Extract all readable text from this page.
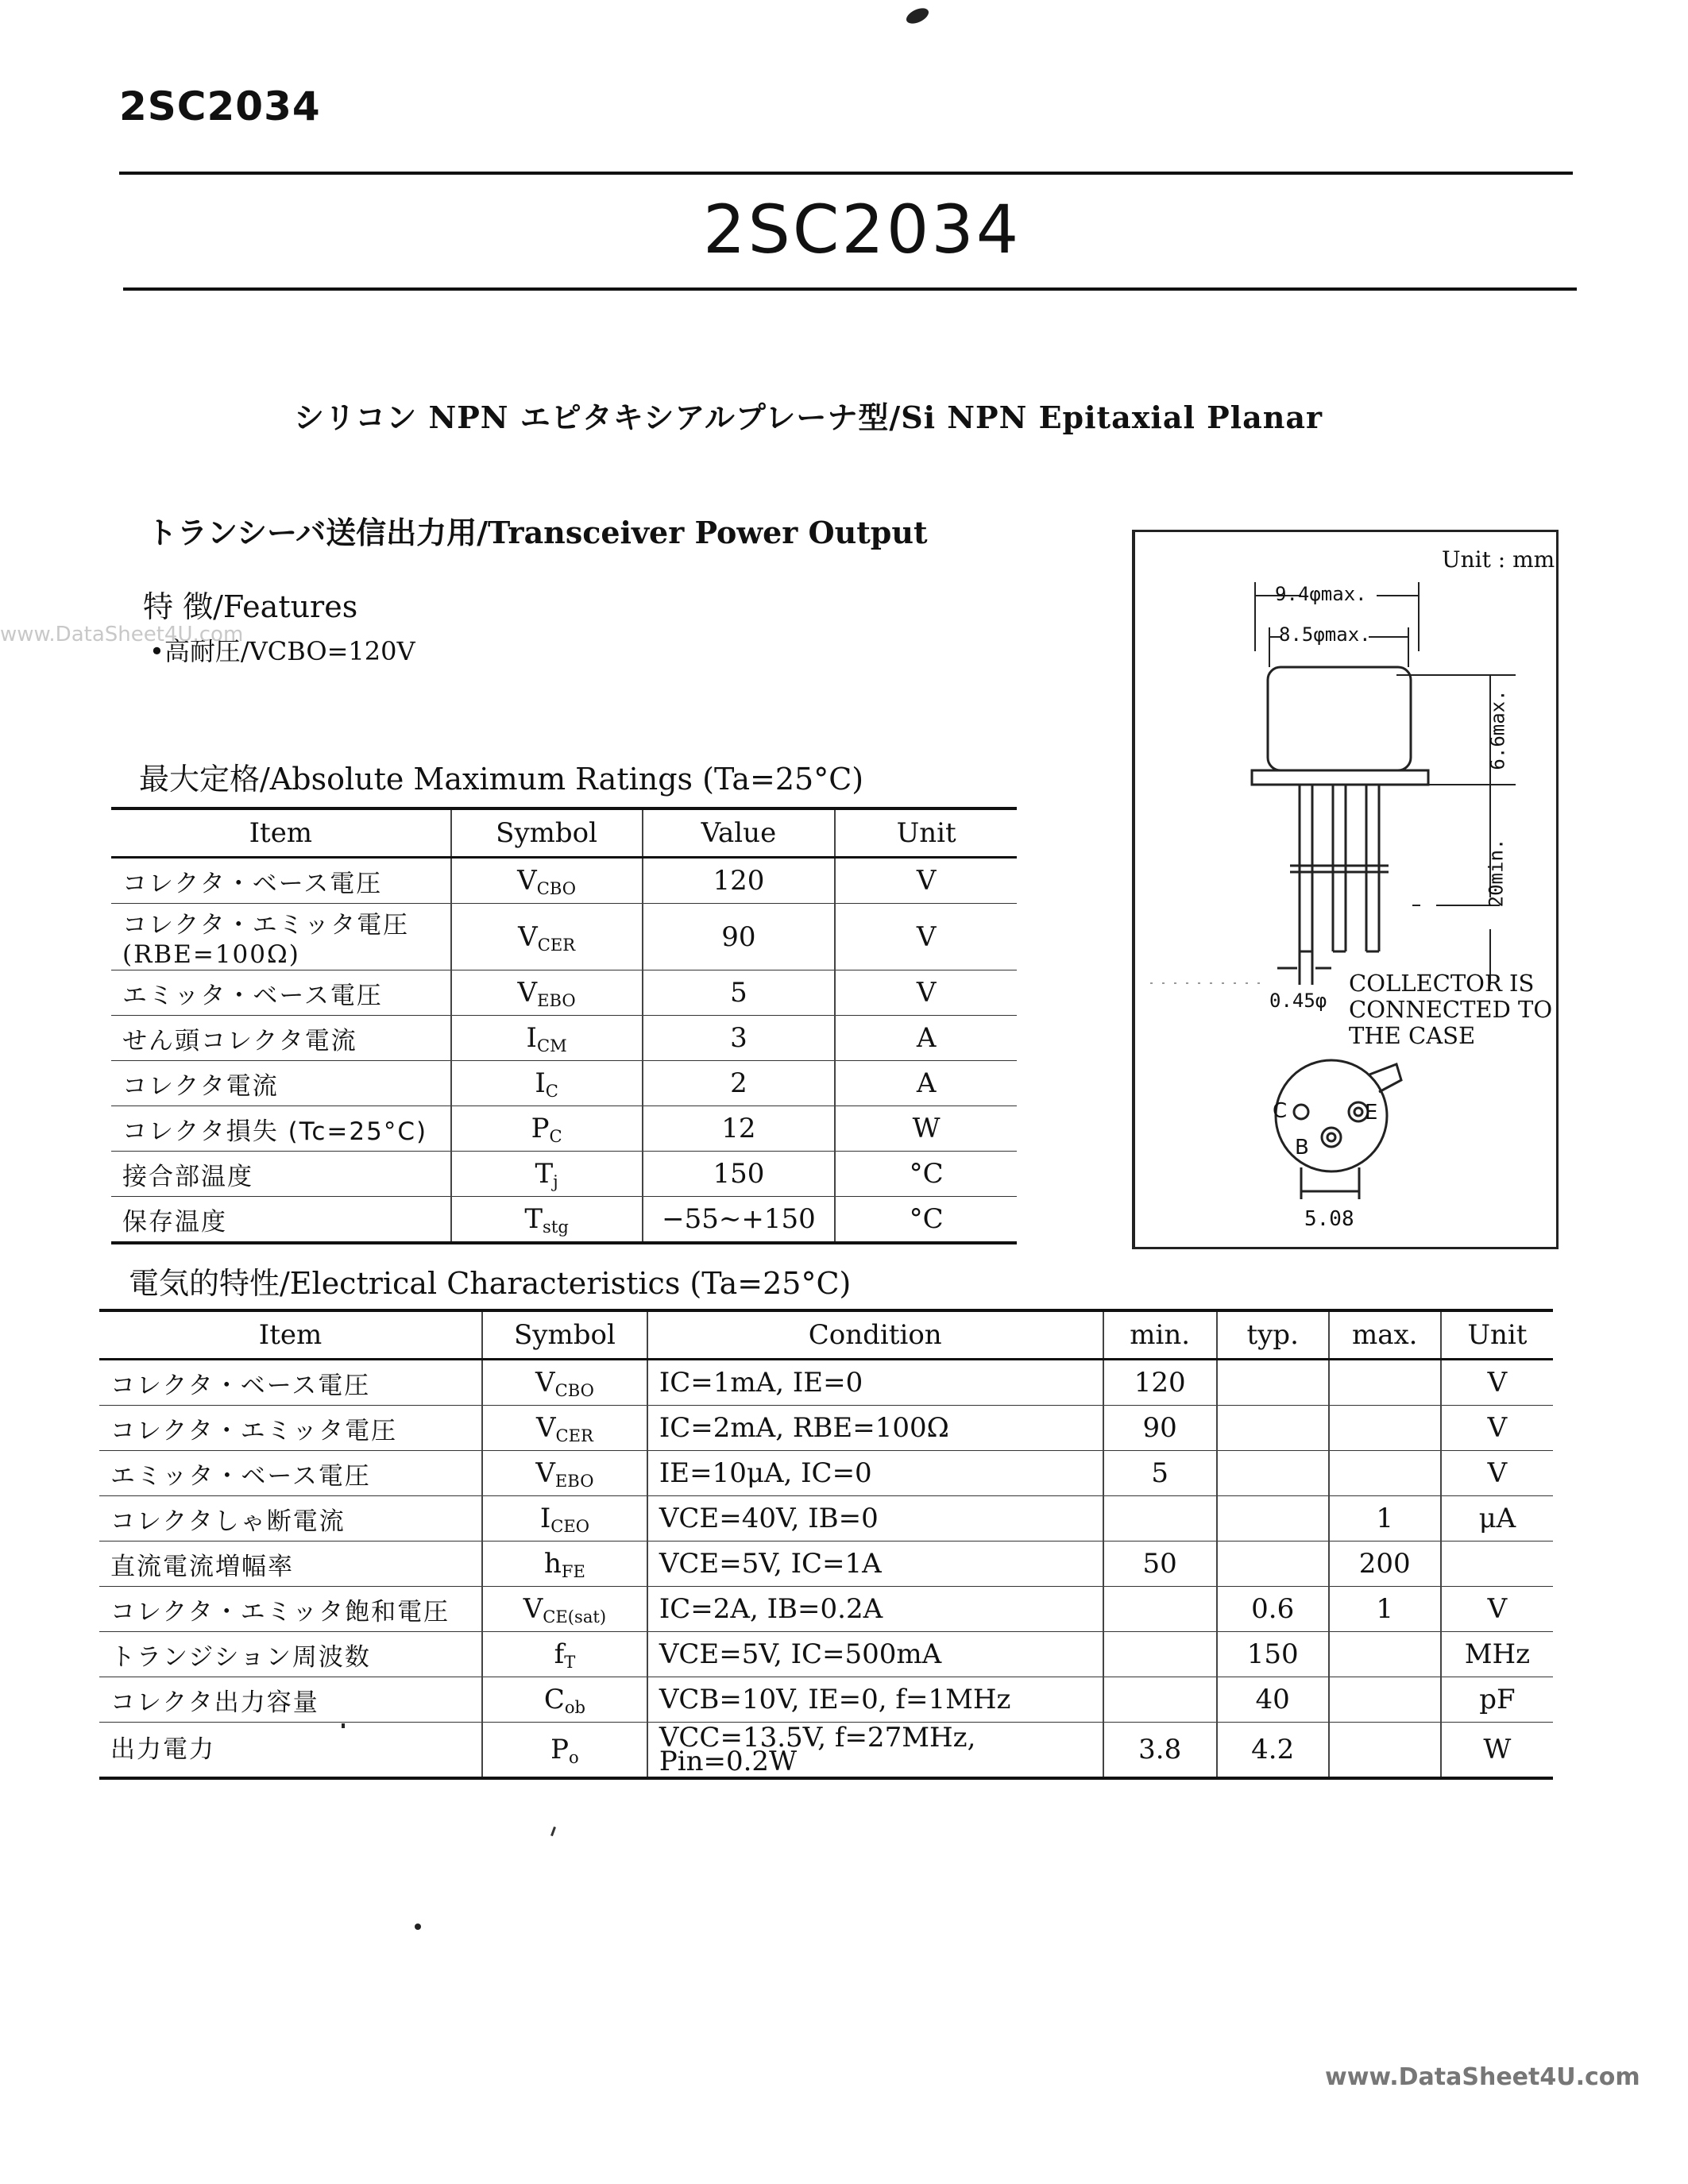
2SC2034
2SC2034
シリコン NPN エピタキシアルプレーナ型/Si NPN Epitaxial Planar
トランシーバ送信出力用/Transceiver Power Output
特 徴/Features
•高耐圧/VCBO=120V
www.DataSheet4U.com
最大定格/Absolute Maximum Ratings (Ta=25°C)
Item	Symbol	Value	Unit

コレクタ・ベース電圧	$V_{CBO}$	120	V

コレクタ・エミッタ電圧
(RBE=100Ω)	$V_{CER}$	90	V

エミッタ・ベース電圧	$V_{EBO}$	5	V

せん頭コレクタ電流	$I_{CM}$	3	A

コレクタ電流	$I_C$	2	A

コレクタ損失 (Tc=25°C)	$P_C$	12	W

接合部温度	$T_j$	150	°C

保存温度	$T_{stg}$	−55∼+150	°C
Unit : mm
9.4φmax.
8.5φmax.
6.6max.
20min.
0.45φ
COLLECTOR IS
CONNECTED TO
THE CASE
C
B
E
5.08
電気的特性/Electrical Characteristics (Ta=25°C)
Item	Symbol	Condition	min.	typ.	max.	Unit
コレクタ・ベース電圧	$V_{CBO}$	IC=1mA, IE=0	120			V
コレクタ・エミッタ電圧	$V_{CER}$	IC=2mA, RBE=100Ω	90			V
エミッタ・ベース電圧	$V_{EBO}$	IE=10μA, IC=0	5			V
コレクタしゃ断電流	$I_{CEO}$	VCE=40V, IB=0			1	μA
直流電流増幅率	$h_{FE}$	VCE=5V, IC=1A	50		200	
コレクタ・エミッタ飽和電圧	$V_{CE(sat)}$	IC=2A, IB=0.2A		0.6	1	V
トランジション周波数	$f_T$	VCE=5V, IC=500mA		150		MHz
コレクタ出力容量	$C_{ob}$	VCB=10V, IE=0, f=1MHz		40		pF
出力電力	$P_o$	VCC=13.5V, f=27MHz,
Pin=0.2W	3.8	4.2		W
www.DataSheet4U.com
